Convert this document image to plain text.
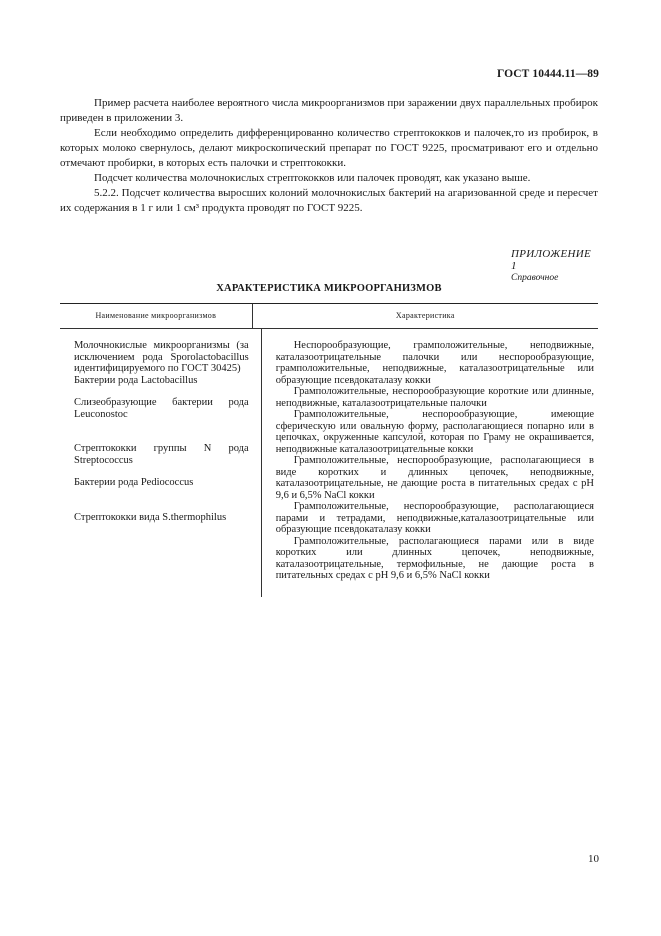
ГОСТ 10444.11—89

Пример расчета наиболее вероятного числа микроорганизмов при заражении двух параллельных пробирок приведен в приложении 3.

Если необходимо определить дифференцированно количество стрептококков и палочек,то из пробирок, в которых молоко свернулось, делают микроскопический препарат по ГОСТ 9225, просматривают его и отдельно отмечают пробирки, в которых есть палочки и стрептококки.

Подсчет количества молочнокислых стрептококков или палочек проводят, как указано выше.

5.2.2. Подсчет количества выросших колоний молочнокислых бактерий на агаризованной среде и пересчет их содержания в 1 г или 1 см³ продукта проводят по ГОСТ 9225.

ПРИЛОЖЕНИЕ 1
Справочное
ХАРАКТЕРИСТИКА МИКРООРГАНИЗМОВ
Наименование микроорганизмов	Характеристика

Молочнокислые микроорганизмы (за исключением рода Sporolactobacillus идентифицируемого по ГОСТ 30425)

Бактерии рода Lactobacillus

Слизеобразующие бактерии рода Leuconostoc

Стрептококки группы N рода Streptococcus

Бактерии рода Pediococcus

Стрептококки вида S.thermophilus

Неспорообразующие, грамположительные, неподвижные, каталазоотрицательные палочки или неспорообразующие, грамположительные, неподвижные, каталазоотрицательные или образующие псевдокаталазу кокки

Грамположительные, неспорообразующие короткие или длинные, неподвижные, каталазоотрицательные палочки

Грамположительные, неспорообразующие, имеющие сферическую или овальную форму, располагающиеся попарно или в цепочках, окруженные капсулой, которая по Граму не окрашивается, неподвижные каталазоотрицательные кокки

Грамположительные, неспорообразующие, располагающиеся в виде коротких и длинных цепочек, неподвижные, каталазоотрицательные, не дающие роста в питательных средах с рН 9,6 и 6,5% NaCl кокки

Грамположительные, неспорообразующие, располагающиеся парами и тетрадами, неподвижные,каталазоотрицательные или образующие псевдокаталазу кокки

Грамположительные, располагающиеся парами или в виде коротких или длинных цепочек, неподвижные, каталазоотрицательные, термофильные, не дающие роста в питательных средах с рН 9,6 и 6,5% NaCl кокки

10
